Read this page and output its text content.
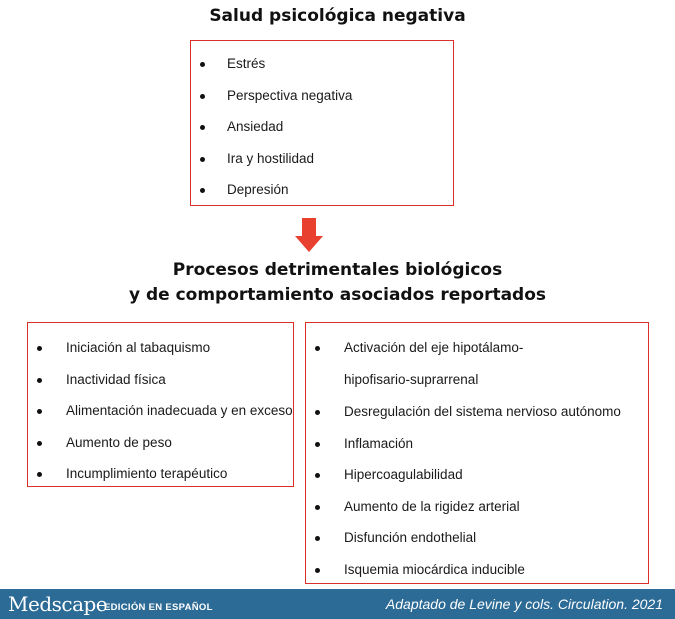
Salud psicológica negativa
Estrés
Perspectiva negativa
Ansiedad
Ira y hostilidad
Depresión
Procesos detrimentales biológicos
y de comportamiento asociados reportados
Iniciación al tabaquismo
Inactividad física
Alimentación inadecuada y en exceso
Aumento de peso
Incumplimiento terapéutico
Activación del eje hipotálamo-hipofisario-suprarrenal
Desregulación del sistema nervioso autónomo
Inflamación
Hipercoagulabilidad
Aumento de la rigidez arterial
Disfunción endothelial
Isquemia miocárdica inducible
Medscape
EDICIÓN EN ESPAÑOL	Adaptado de Levine y cols. Circulation. 2021
